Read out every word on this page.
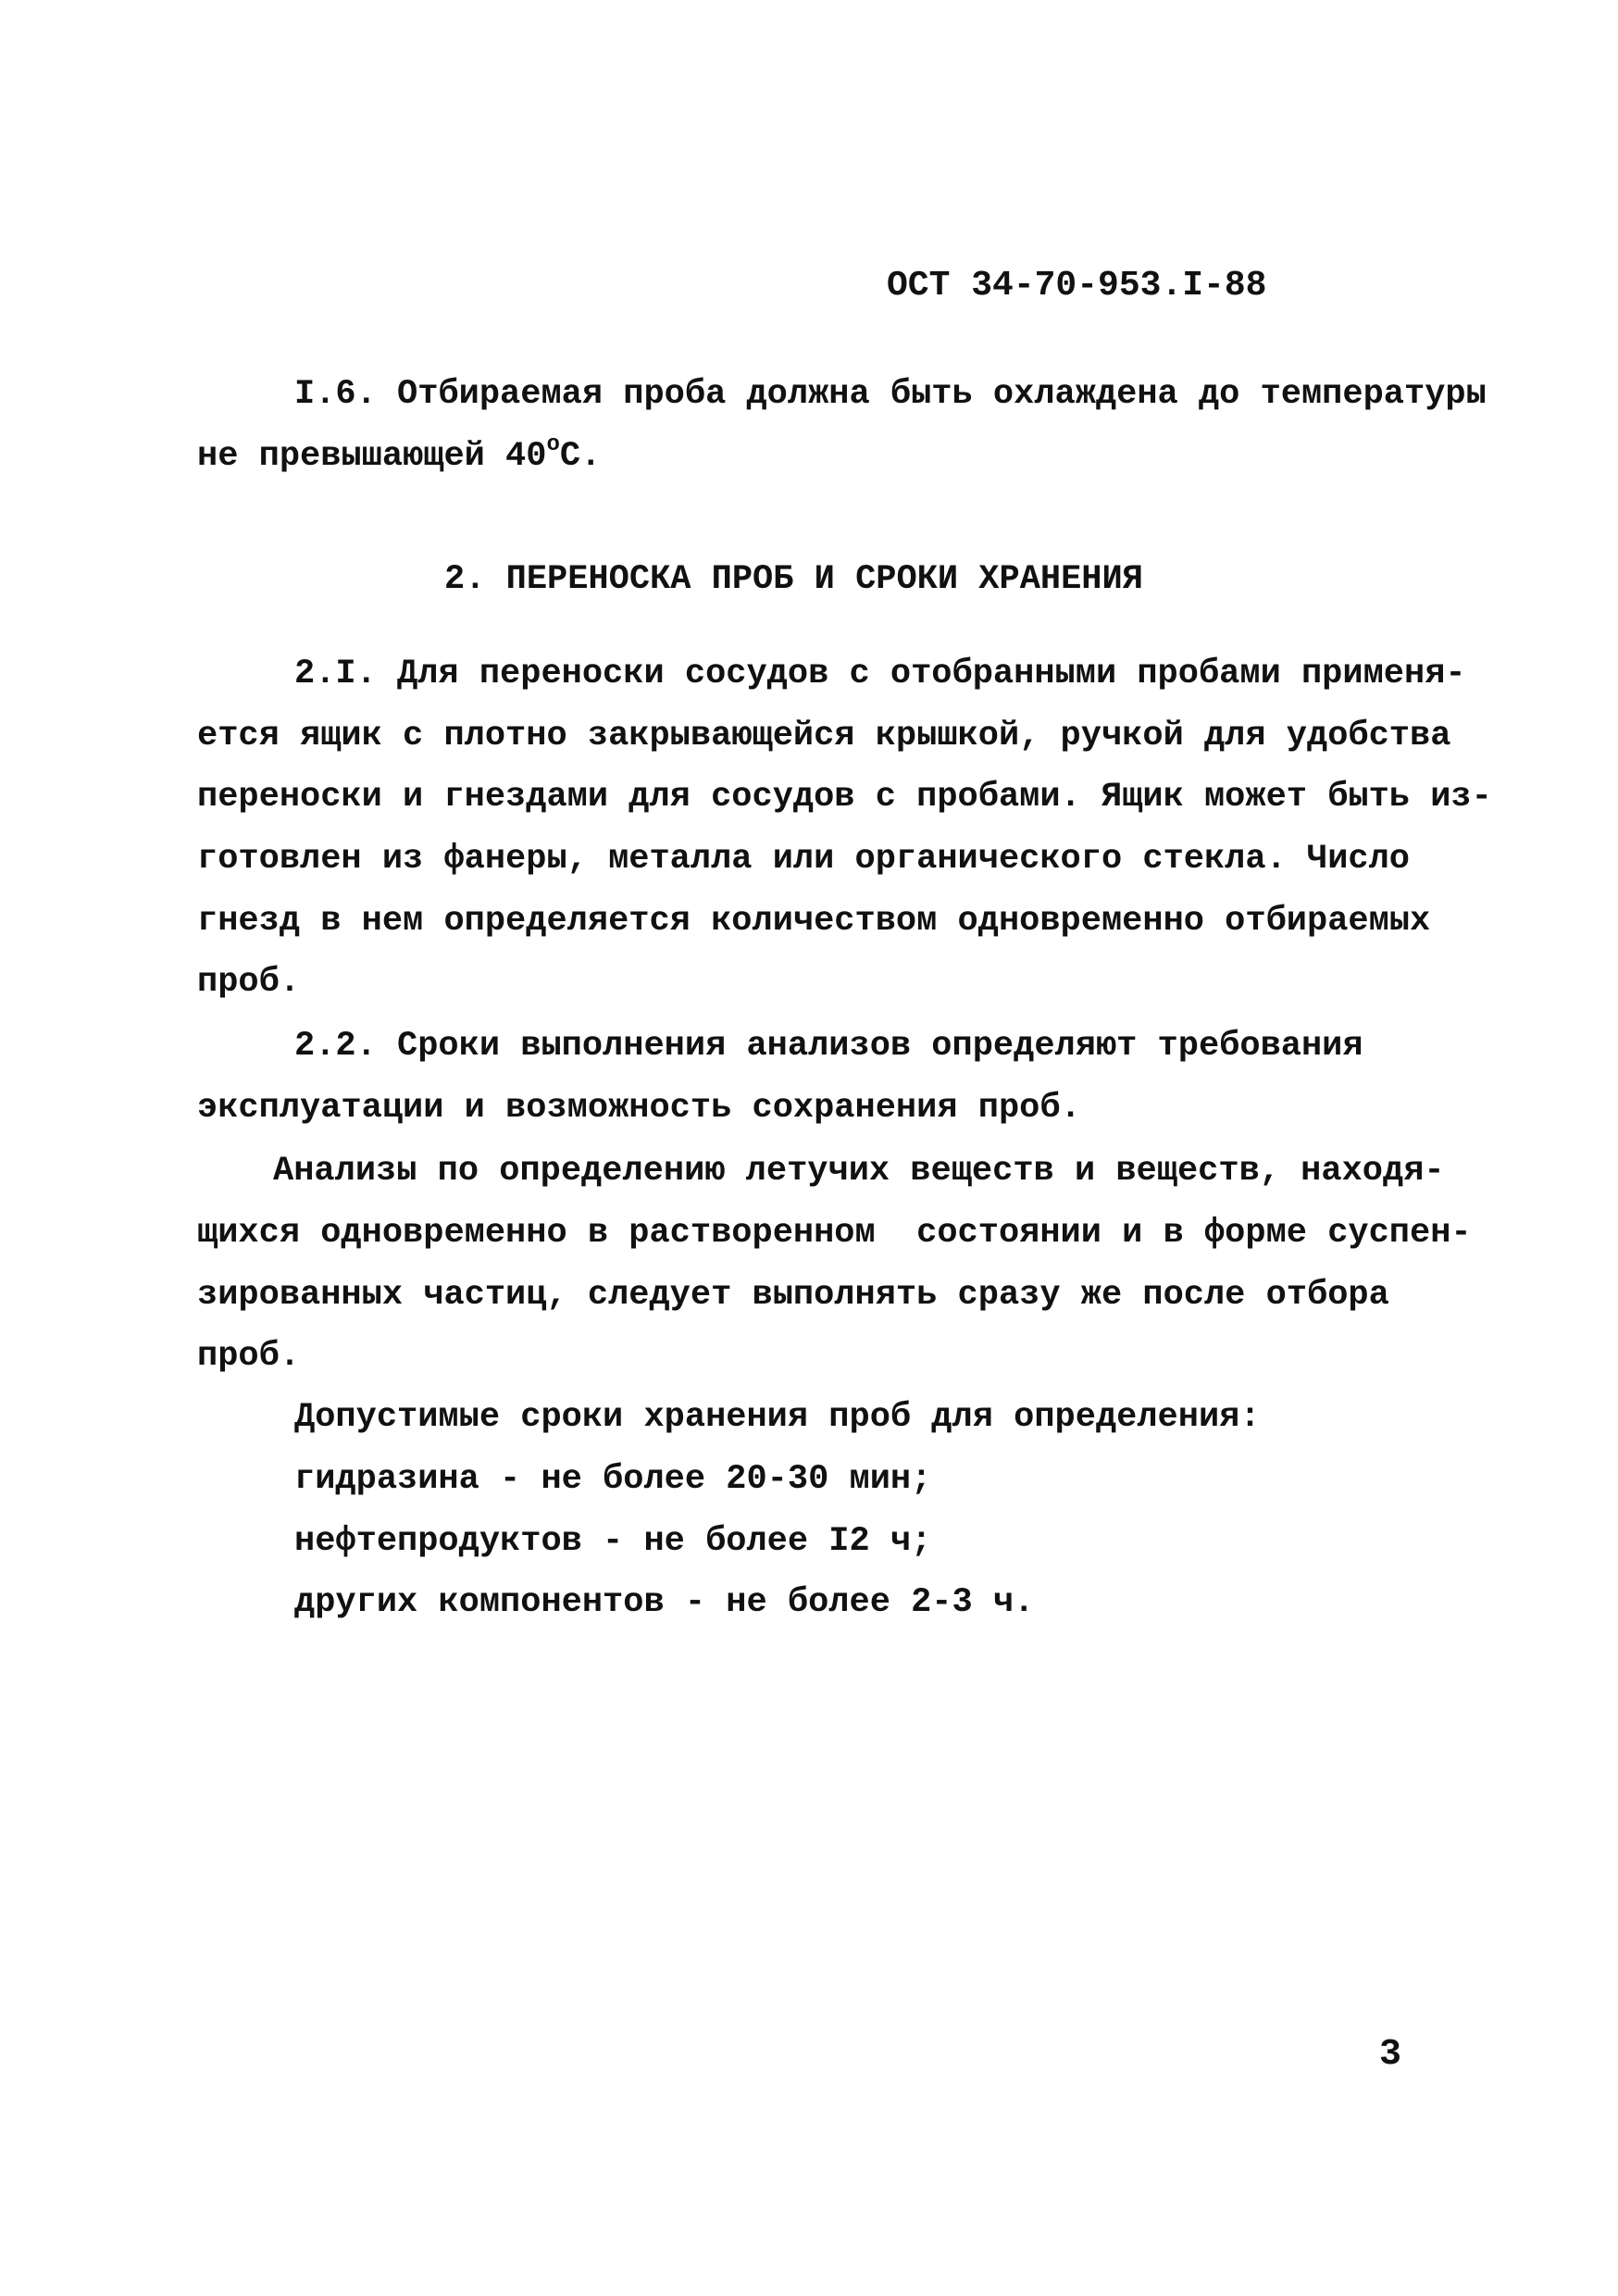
ОСТ 34-70-953.I-88
I.6. Отбираемая проба должна быть охлаждена до температуры
не превышающей $40^оС$.
2. ПЕРЕНОСКА ПРОБ И СРОКИ ХРАНЕНИЯ
2.I. Для переноски сосудов с отобранными пробами применя-
ется ящик с плотно закрывающейся крышкой, ручкой для удобства
переноски и гнездами для сосудов с пробами. Ящик может быть из-
готовлен из фанеры, металла или органического стекла. Число
гнезд в нем определяется количеством одновременно отбираемых
проб.
2.2. Сроки выполнения анализов определяют требования
эксплуатации и возможность сохранения проб.
Анализы по определению летучих веществ и веществ, находя-
щихся одновременно в растворенном  состоянии и в форме суспен-
зированных частиц, следует выполнять сразу же после отбора
проб.
Допустимые сроки хранения проб для определения:
гидразина - не более 20-30 мин;
нефтепродуктов - не более I2 ч;
других компонентов - не более 2-3 ч.
3
